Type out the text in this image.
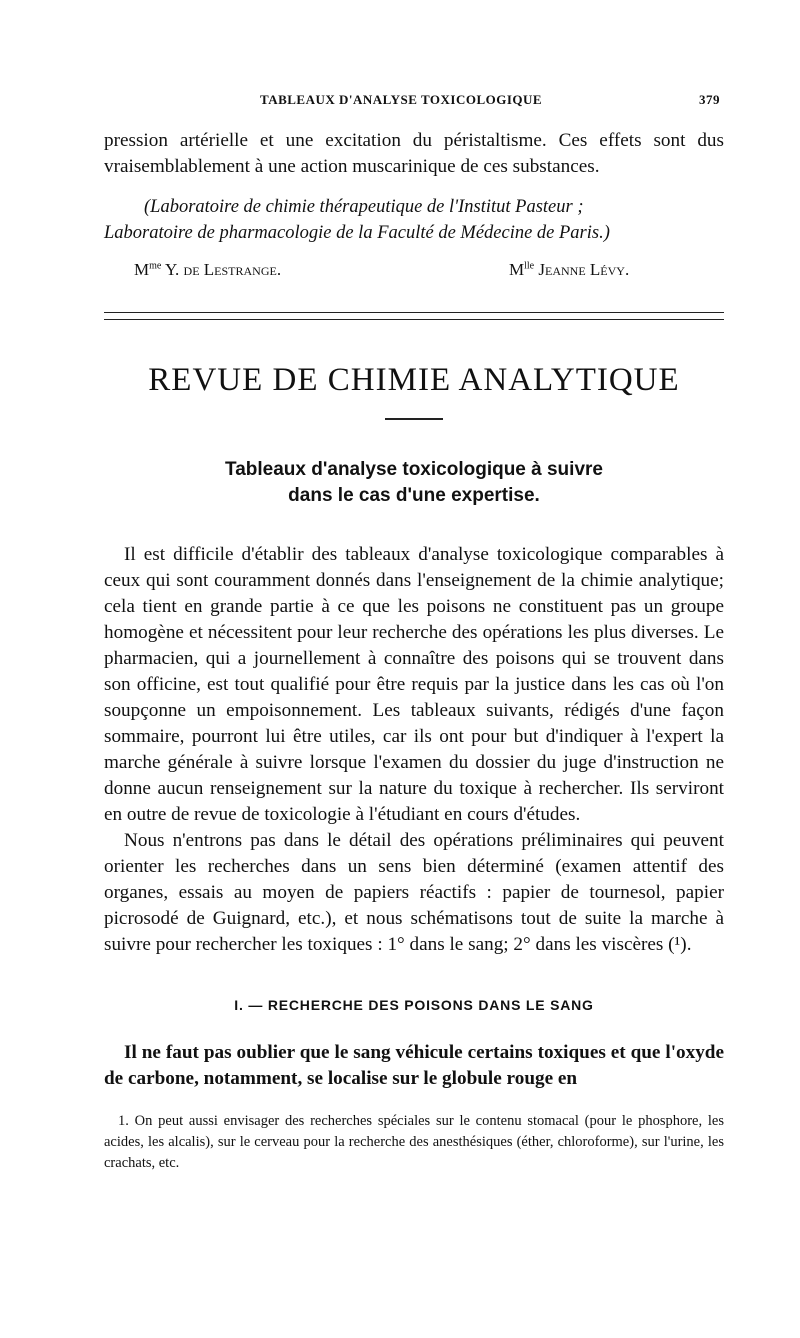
TABLEAUX D'ANALYSE TOXICOLOGIQUE	379

pression artérielle et une excitation du péristaltisme. Ces effets sont dus vraisemblablement à une action muscarinique de ces substances.

(Laboratoire de chimie thérapeutique de l'Institut Pasteur ;

Laboratoire de pharmacologie de la Faculté de Médecine de Paris.)

$M^{me}$ Y. de Lestrange.	$M^{lle}$ Jeanne Lévy.
REVUE DE CHIMIE ANALYTIQUE
Tableaux d'analyse toxicologique à suivre
dans le cas d'une expertise.

Il est difficile d'établir des tableaux d'analyse toxicologique comparables à ceux qui sont couramment donnés dans l'enseignement de la chimie analytique; cela tient en grande partie à ce que les poisons ne constituent pas un groupe homogène et nécessitent pour leur recherche des opérations les plus diverses. Le pharmacien, qui a journellement à connaître des poisons qui se trouvent dans son officine, est tout qualifié pour être requis par la justice dans les cas où l'on soupçonne un empoisonnement. Les tableaux suivants, rédigés d'une façon sommaire, pourront lui être utiles, car ils ont pour but d'indiquer à l'expert la marche générale à suivre lorsque l'examen du dossier du juge d'instruction ne donne aucun renseignement sur la nature du toxique à rechercher. Ils serviront en outre de revue de toxicologie à l'étudiant en cours d'études.

Nous n'entrons pas dans le détail des opérations préliminaires qui peuvent orienter les recherches dans un sens bien déterminé (examen attentif des organes, essais au moyen de papiers réactifs : papier de tournesol, papier picrosodé de Guignard, etc.), et nous schématisons tout de suite la marche à suivre pour rechercher les toxiques : 1° dans le sang; 2° dans les viscères (¹).

I. — RECHERCHE DES POISONS DANS LE SANG

Il ne faut pas oublier que le sang véhicule certains toxiques et que l'oxyde de carbone, notamment, se localise sur le globule rouge en

1. On peut aussi envisager des recherches spéciales sur le contenu stomacal (pour le phosphore, les acides, les alcalis), sur le cerveau pour la recherche des anesthésiques (éther, chloroforme), sur l'urine, les crachats, etc.
